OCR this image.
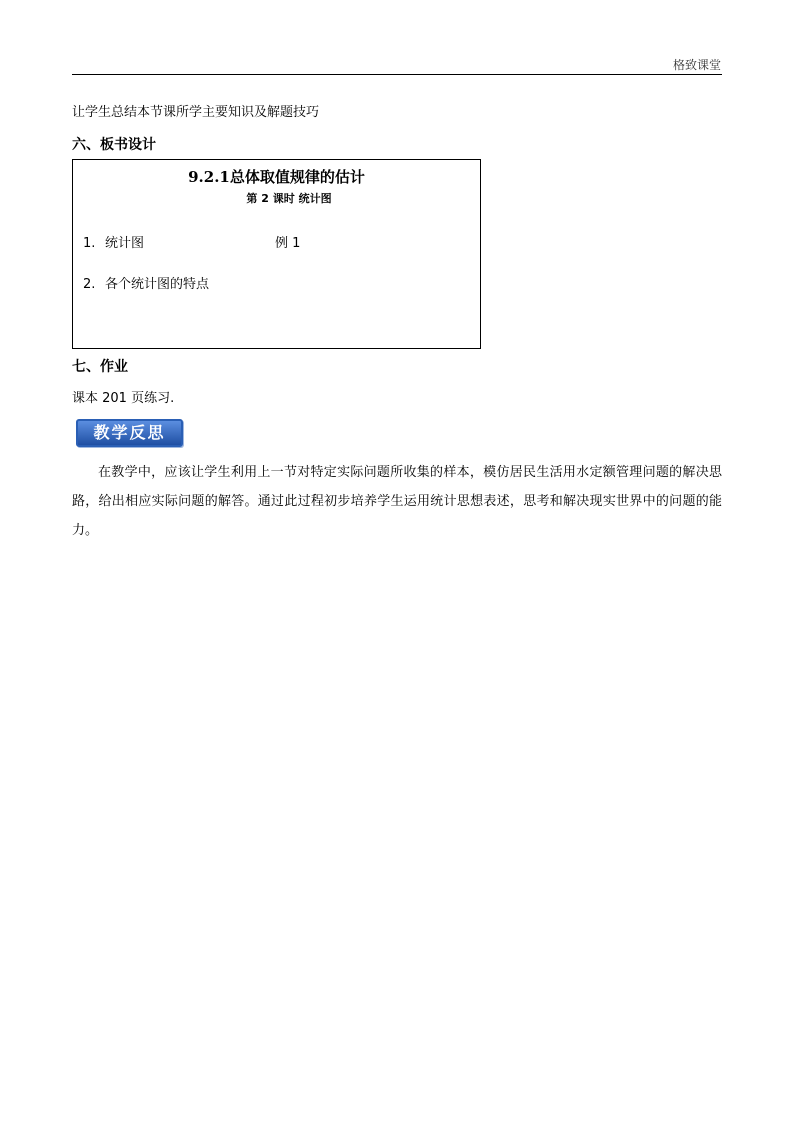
格致课堂
让学生总结本节课所学主要知识及解题技巧
六、板书设计
9.2.1总体取值规律的估计
第 2 课时 统计图
1. 统计图	例 1
2. 各个统计图的特点
七、作业
课本 201 页练习.
教学反思
在教学中，应该让学生利用上一节对特定实际问题所收集的样本，模仿居民生活用水定额管理问题的解决思路，给出相应实际问题的解答。通过此过程初步培养学生运用统计思想表述，思考和解决现实世界中的问题的能力。
